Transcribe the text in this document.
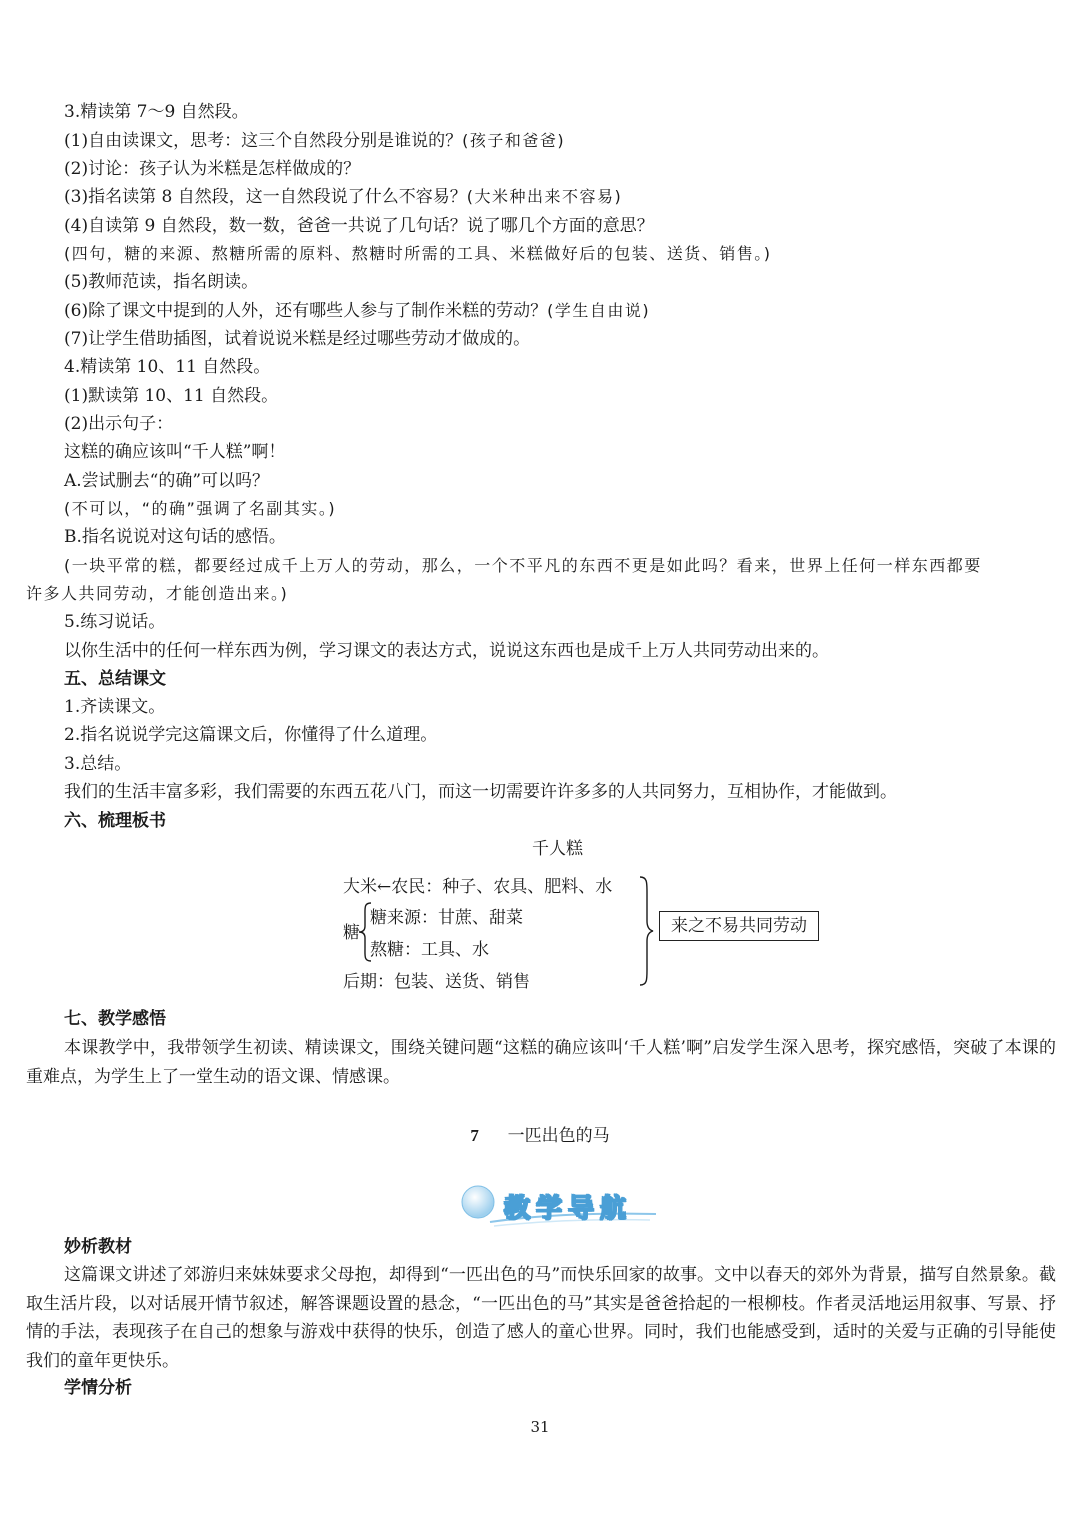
3.精读第 7～9 自然段。
(1)自由读课文，思考：这三个自然段分别是谁说的？(孩子和爸爸)
(2)讨论：孩子认为米糕是怎样做成的？
(3)指名读第 8 自然段，这一自然段说了什么不容易？(大米种出来不容易)
(4)自读第 9 自然段，数一数，爸爸一共说了几句话？说了哪几个方面的意思？
(四句，糖的来源、熬糖所需的原料、熬糖时所需的工具、米糕做好后的包装、送货、销售。)
(5)教师范读，指名朗读。
(6)除了课文中提到的人外，还有哪些人参与了制作米糕的劳动？(学生自由说)
(7)让学生借助插图，试着说说米糕是经过哪些劳动才做成的。
4.精读第 10、11 自然段。
(1)默读第 10、11 自然段。
(2)出示句子：
这糕的确应该叫“千人糕”啊！
A.尝试删去“的确”可以吗？
(不可以，“的确”强调了名副其实。)
B.指名说说对这句话的感悟。
(一块平常的糕，都要经过成千上万人的劳动，那么，一个不平凡的东西不更是如此吗？看来，世界上任何一样东西都要
许多人共同劳动，才能创造出来。)
5.练习说话。
以你生活中的任何一样东西为例，学习课文的表达方式，说说这东西也是成千上万人共同劳动出来的。
五、总结课文
1.齐读课文。
2.指名说说学完这篇课文后，你懂得了什么道理。
3.总结。
我们的生活丰富多彩，我们需要的东西五花八门，而这一切需要许许多多的人共同努力，互相协作，才能做到。
六、梳理板书
千人糕
大米←农民：种子、农具、肥料、水
糖
糖来源：甘蔗、甜菜
熬糖：工具、水
后期：包装、送货、销售
来之不易共同劳动
七、教学感悟
本课教学中，我带领学生初读、精读课文，围绕关键问题“这糕的确应该叫‘千人糕’啊”启发学生深入思考，探究感悟，突破了本课的重难点，为学生上了一堂生动的语文课、情感课。
7 一匹出色的马
教学导航
妙析教材
这篇课文讲述了郊游归来妹妹要求父母抱，却得到“一匹出色的马”而快乐回家的故事。文中以春天的郊外为背景，描写自然景象。截取生活片段，以对话展开情节叙述，解答课题设置的悬念，“一匹出色的马”其实是爸爸拾起的一根柳枝。作者灵活地运用叙事、写景、抒情的手法，表现孩子在自己的想象与游戏中获得的快乐，创造了感人的童心世界。同时，我们也能感受到，适时的关爱与正确的引导能使我们的童年更快乐。
学情分析
31
